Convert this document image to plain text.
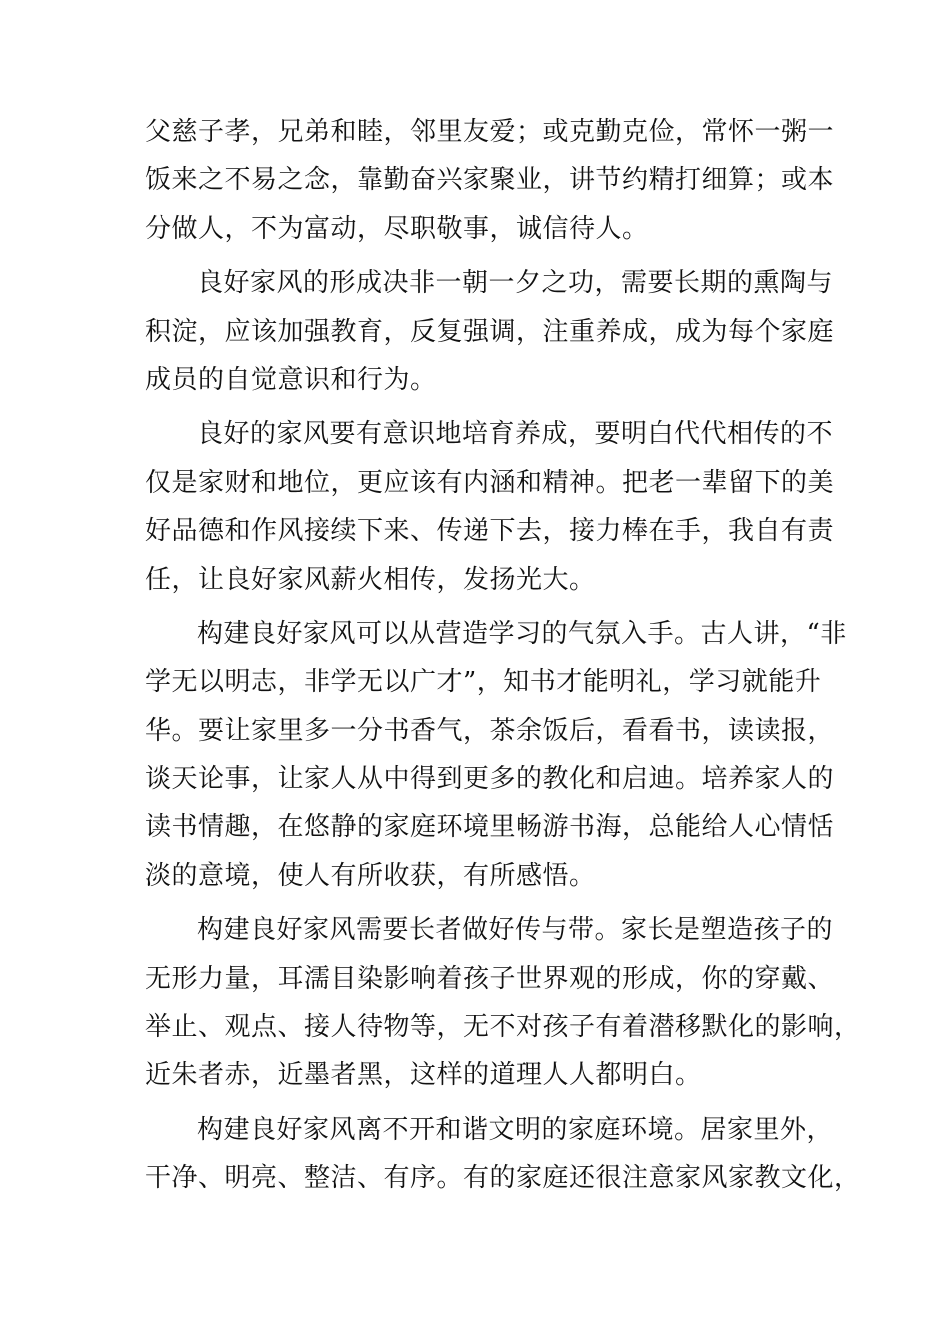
父慈子孝，兄弟和睦，邻里友爱；或克勤克俭，常怀一粥一
饭来之不易之念，靠勤奋兴家聚业，讲节约精打细算；或本
分做人，不为富动，尽职敬事，诚信待人。

良好家风的形成决非一朝一夕之功，需要长期的熏陶与
积淀，应该加强教育，反复强调，注重养成，成为每个家庭
成员的自觉意识和行为。

良好的家风要有意识地培育养成，要明白代代相传的不
仅是家财和地位，更应该有内涵和精神。把老一辈留下的美
好品德和作风接续下来、传递下去，接力棒在手，我自有责
任，让良好家风薪火相传，发扬光大。

构建良好家风可以从营造学习的气氛入手。古人讲，“非
学无以明志，非学无以广才”，知书才能明礼，学习就能升
华。要让家里多一分书香气，茶余饭后，看看书，读读报，
谈天论事，让家人从中得到更多的教化和启迪。培养家人的
读书情趣，在悠静的家庭环境里畅游书海，总能给人心情恬
淡的意境，使人有所收获，有所感悟。

构建良好家风需要长者做好传与带。家长是塑造孩子的
无形力量，耳濡目染影响着孩子世界观的形成，你的穿戴、
举止、观点、接人待物等，无不对孩子有着潜移默化的影响，
近朱者赤，近墨者黑，这样的道理人人都明白。

构建良好家风离不开和谐文明的家庭环境。居家里外，
干净、明亮、整洁、有序。有的家庭还很注意家风家教文化，
